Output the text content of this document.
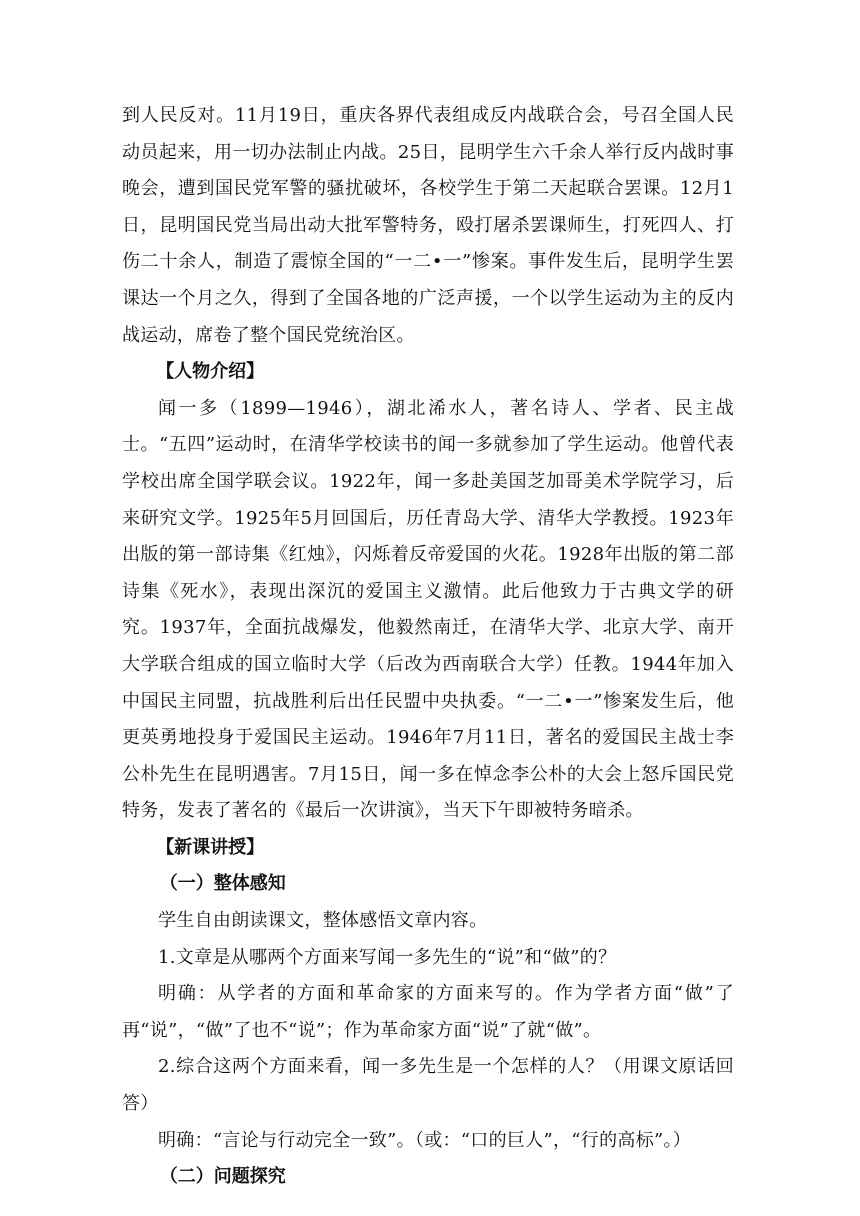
到人民反对。11月19日，重庆各界代表组成反内战联合会，号召全国人民动员起来，用一切办法制止内战。25日，昆明学生六千余人举行反内战时事晚会，遭到国民党军警的骚扰破坏，各校学生于第二天起联合罢课。12月1日，昆明国民党当局出动大批军警特务，殴打屠杀罢课师生，打死四人、打伤二十余人，制造了震惊全国的“一二•一”惨案。事件发生后，昆明学生罢课达一个月之久，得到了全国各地的广泛声援，一个以学生运动为主的反内战运动，席卷了整个国民党统治区。

【人物介绍】

闻一多（1899—1946），湖北浠水人，著名诗人、学者、民主战士。“五四”运动时，在清华学校读书的闻一多就参加了学生运动。他曾代表学校出席全国学联会议。1922年，闻一多赴美国芝加哥美术学院学习，后来研究文学。1925年5月回国后，历任青岛大学、清华大学教授。1923年出版的第一部诗集《红烛》，闪烁着反帝爱国的火花。1928年出版的第二部诗集《死水》，表现出深沉的爱国主义激情。此后他致力于古典文学的研究。1937年，全面抗战爆发，他毅然南迁，在清华大学、北京大学、南开大学联合组成的国立临时大学（后改为西南联合大学）任教。1944年加入中国民主同盟，抗战胜利后出任民盟中央执委。“一二•一”惨案发生后，他更英勇地投身于爱国民主运动。1946年7月11日，著名的爱国民主战士李公朴先生在昆明遇害。7月15日，闻一多在悼念李公朴的大会上怒斥国民党特务，发表了著名的《最后一次讲演》，当天下午即被特务暗杀。

【新课讲授】

（一）整体感知

学生自由朗读课文，整体感悟文章内容。

1.文章是从哪两个方面来写闻一多先生的“说”和“做”的？

明确：从学者的方面和革命家的方面来写的。作为学者方面“做”了再“说”，“做”了也不“说”；作为革命家方面“说”了就“做”。

2.综合这两个方面来看，闻一多先生是一个怎样的人？（用课文原话回答）

明确：“言论与行动完全一致”。（或：“口的巨人”，“行的高标”。）

（二）问题探究
